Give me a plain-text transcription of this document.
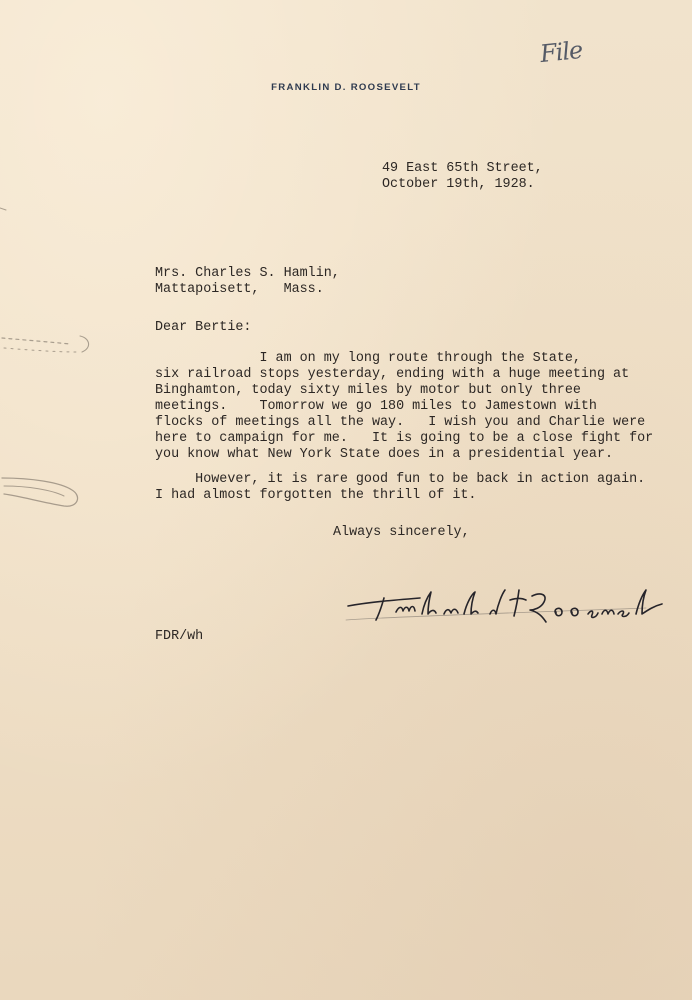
File
FRANKLIN D. ROOSEVELT
49 East 65th Street,
October 19th, 1928.
Mrs. Charles S. Hamlin,
Mattapoisett,   Mass.
Dear Bertie:
I am on my long route through the State,
six railroad stops yesterday, ending with a huge meeting at
Binghamton, today sixty miles by motor but only three
meetings.    Tomorrow we go 180 miles to Jamestown with
flocks of meetings all the way.   I wish you and Charlie were
here to campaign for me.   It is going to be a close fight for
you know what New York State does in a presidential year.
However, it is rare good fun to be back in action again.
I had almost forgotten the thrill of it.
Always sincerely,
FDR/wh
